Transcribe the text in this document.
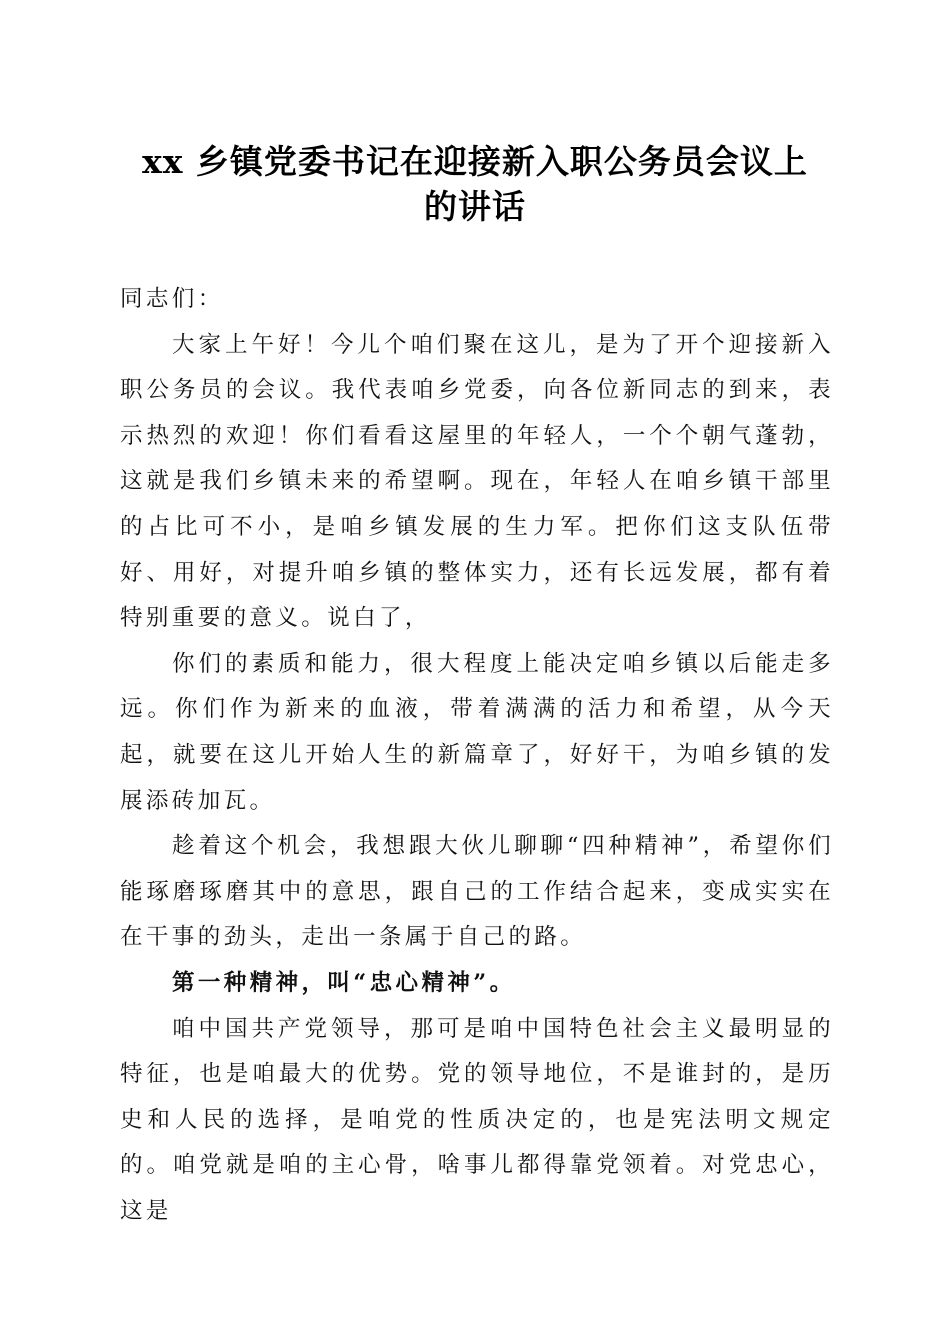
xx 乡镇党委书记在迎接新入职公务员会议上
的讲话

同志们：

大家上午好！今儿个咱们聚在这儿，是为了开个迎接新入职公务员的会议。我代表咱乡党委，向各位新同志的到来，表示热烈的欢迎！你们看看这屋里的年轻人，一个个朝气蓬勃，这就是我们乡镇未来的希望啊。现在，年轻人在咱乡镇干部里的占比可不小，是咱乡镇发展的生力军。把你们这支队伍带好、用好，对提升咱乡镇的整体实力，还有长远发展，都有着特别重要的意义。说白了，

你们的素质和能力，很大程度上能决定咱乡镇以后能走多远。你们作为新来的血液，带着满满的活力和希望，从今天起，就要在这儿开始人生的新篇章了，好好干，为咱乡镇的发展添砖加瓦。

趁着这个机会，我想跟大伙儿聊聊“四种精神”，希望你们能琢磨琢磨其中的意思，跟自己的工作结合起来，变成实实在在干事的劲头，走出一条属于自己的路。

第一种精神，叫“忠心精神”。

咱中国共产党领导，那可是咱中国特色社会主义最明显的特征，也是咱最大的优势。党的领导地位，不是谁封的，是历史和人民的选择，是咱党的性质决定的，也是宪法明文规定的。咱党就是咱的主心骨，啥事儿都得靠党领着。对党忠心，这是
